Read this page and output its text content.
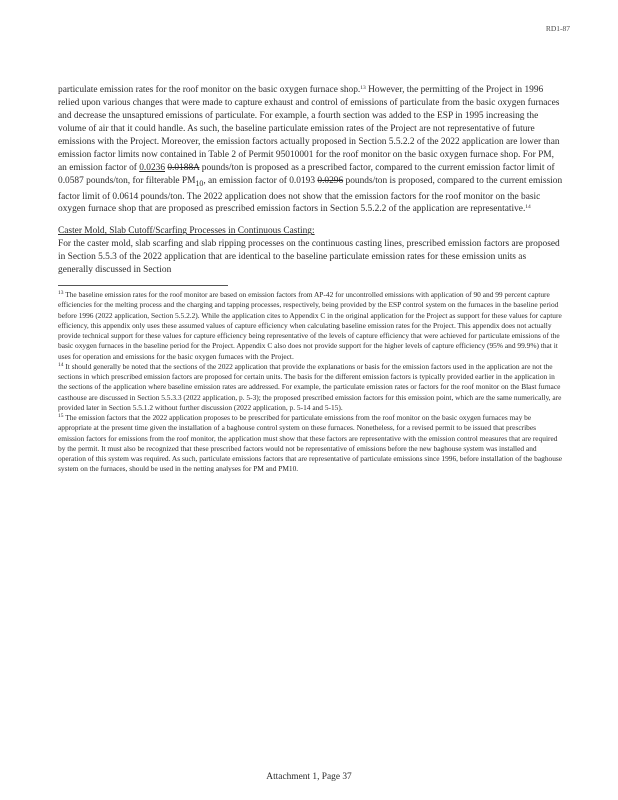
RD1-87

particulate emission rates for the roof monitor on the basic oxygen furnace shop.$^{13}$ However, the permitting of the Project in 1996 relied upon various changes that were made to capture exhaust and control of emissions of particulate from the basic oxygen furnaces and decrease the unsaptured emissions of particulate. For example, a fourth section was added to the ESP in 1995 increasing the volume of air that it could handle. As such, the baseline particulate emission rates of the Project are not representative of future emissions with the Project. Moreover, the emission factors actually proposed in Section 5.5.2.2 of the 2022 application are lower than emission factor limits now contained in Table 2 of Permit 95010001 for the roof monitor on the basic oxygen furnace shop. For PM, an emission factor of 0.0236 0.0188A pounds/ton is proposed as a prescribed factor, compared to the current emission factor limit of 0.0587 pounds/ton, for filterable $PM_{10}$, an emission factor of 0.0193 0.0296 pounds/ton is proposed, compared to the current emission factor limit of 0.0614 pounds/ton. The 2022 application does not show that the emission factors for the roof monitor on the basic oxygen furnace shop that are proposed as prescribed emission factors in Section 5.5.2.2 of the application are representative.$^{14}$

Caster Mold, Slab Cutoff/Scarfing Processes in Continuous Casting:

For the caster mold, slab scarfing and slab ripping processes on the continuous casting lines, prescribed emission factors are proposed in Section 5.5.3 of the 2022 application that are identical to the baseline particulate emission rates for these emission units as generally discussed in Section

$^{13}$ The baseline emission rates for the roof monitor are based on emission factors from AP-42 for uncontrolled emissions with application of 90 and 99 percent capture efficiencies for the melting process and the charging and tapping processes, respectively, being provided by the ESP control system on the furnaces in the baseline period before 1996 (2022 application, Section 5.5.2.2). While the application cites to Appendix C in the original application for the Project as support for these values for capture efficiency, this appendix only uses these assumed values of capture efficiency when calculating baseline emission rates for the Project. This appendix does not actually provide technical support for these values for capture efficiency being representative of the levels of capture efficiency that were achieved for particulate emissions of the basic oxygen furnaces in the baseline period for the Project. Appendix C also does not provide support for the higher levels of capture efficiency (95% and 99.9%) that it uses for operation and emissions for the basic oxygen furnaces with the Project.

$^{14}$ It should generally be noted that the sections of the 2022 application that provide the explanations or basis for the emission factors used in the application are not the sections in which prescribed emission factors are proposed for certain units. The basis for the different emission factors is typically provided earlier in the application in the sections of the application where baseline emission rates are addressed. For example, the particulate emission rates or factors for the roof monitor on the Blast furnace casthouse are discussed in Section 5.5.3.3 (2022 application, p. 5-3); the proposed prescribed emission factors for this emission point, which are the same numerically, are provided later in Section 5.5.1.2 without further discussion (2022 application, p. 5-14 and 5-15).

$^{15}$ The emission factors that the 2022 application proposes to be prescribed for particulate emissions from the roof monitor on the basic oxygen furnaces may be appropriate at the present time given the installation of a baghouse control system on these furnaces. Nonetheless, for a revised permit to be issued that prescribes emission factors for emissions from the roof monitor, the application must show that these factors are representative with the emission control measures that are required by the permit. It must also be recognized that these prescribed factors would not be representative of emissions before the new baghouse system was installed and operation of this system was required. As such, particulate emissions factors that are representative of particulate emissions since 1996, before installation of the baghouse system on the furnaces, should be used in the netting analyses for PM and PM10.

Attachment 1, Page 37
